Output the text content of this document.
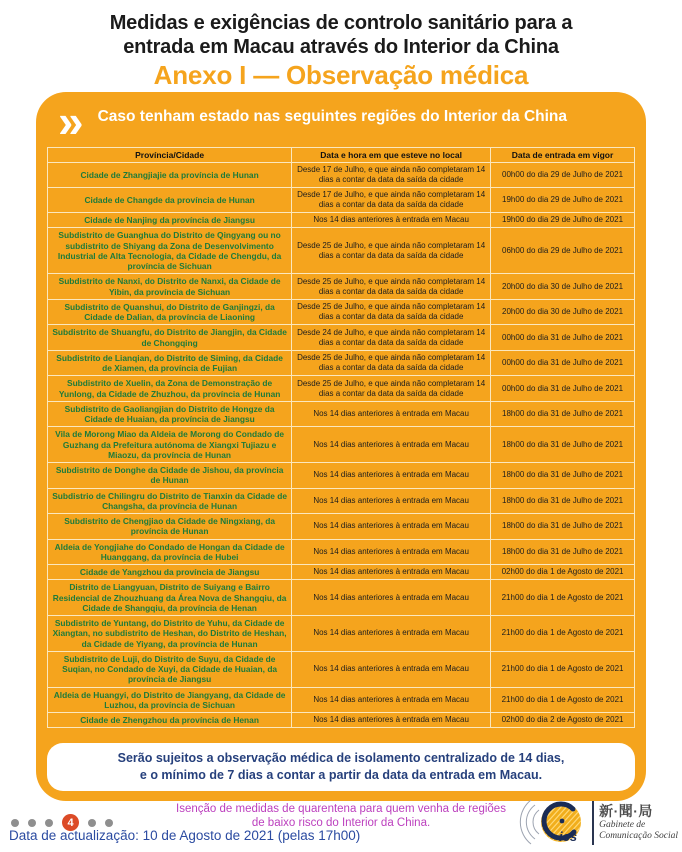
Medidas e exigências de controlo sanitário para a
entrada em Macau através do Interior da China
Anexo I — Observação médica
» Caso tenham estado nas seguintes regiões do Interior da China
Província/Cidade	Data e hora em que esteve no local	Data de entrada em vigor
Cidade de Zhangjiajie da província de Hunan	Desde 17 de Julho, e que ainda não completaram 14 dias a contar da data da saída da cidade	00h00 do dia 29 de Julho de 2021
Cidade de Changde da província de Hunan	Desde 17 de Julho, e que ainda não completaram 14 dias a contar da data da saída da cidade	19h00 do dia 29 de Julho de 2021
Cidade de Nanjing da província de Jiangsu	Nos 14 dias anteriores à entrada em Macau	19h00 do dia 29 de Julho de 2021
Subdistrito de Guanghua do Distrito de Qingyang ou no subdistrito de Shiyang da Zona de Desenvolvimento Industrial de Alta Tecnologia, da Cidade de Chengdu, da província de Sichuan	Desde 25 de Julho, e que ainda não completaram 14 dias a contar da data da saída da cidade	06h00 do dia 29 de Julho de 2021
Subdistrito de Nanxi, do Distrito de Nanxi, da Cidade de Yibin, da província de Sichuan	Desde 25 de Julho, e que ainda não completaram 14 dias a contar da data da saída da cidade	20h00 do dia 30 de Julho de 2021
Subdistrito de Quanshui, do Distrito de Ganjingzi, da Cidade de Dalian, da província de Liaoning	Desde 25 de Julho, e que ainda não completaram 14 dias a contar da data da saída da cidade	20h00 do dia 30 de Julho de 2021
Subdistrito de Shuangfu, do Distrito de Jiangjin, da Cidade de Chongqing	Desde 24 de Julho, e que ainda não completaram 14 dias a contar da data da saída da cidade	00h00 do dia 31 de Julho de 2021
Subdistrito de Lianqian, do Distrito de Siming, da Cidade de Xiamen, da província de Fujian	Desde 25 de Julho, e que ainda não completaram 14 dias a contar da data da saída da cidade	00h00 do dia 31 de Julho de 2021
Subdistrito de Xuelin, da Zona de Demonstração de Yunlong, da Cidade de Zhuzhou, da província de Hunan	Desde 25 de Julho, e que ainda não completaram 14 dias a contar da data da saída da cidade	00h00 do dia 31 de Julho de 2021
Subdistrito de Gaoliangjian do Distrito de Hongze da Cidade de Huaian, da província de Jiangsu	Nos 14 dias anteriores à entrada em Macau	18h00 do dia 31 de Julho de 2021
Vila de Morong Miao da Aldeia de Morong do Condado de Guzhang da Prefeitura autónoma de Xiangxi Tujiazu e Miaozu, da província de Hunan	Nos 14 dias anteriores à entrada em Macau	18h00 do dia 31 de Julho de 2021
Subdistrito de Donghe da Cidade de Jishou, da província de Hunan	Nos 14 dias anteriores à entrada em Macau	18h00 do dia 31 de Julho de 2021
Subdistrio de Chilingru do Distrito de Tianxin da Cidade de Changsha, da província de Hunan	Nos 14 dias anteriores à entrada em Macau	18h00 do dia 31 de Julho de 2021
Subdistrito de Chengjiao da Cidade de Ningxiang, da província de Hunan	Nos 14 dias anteriores à entrada em Macau	18h00 do dia 31 de Julho de 2021
Aldeia de Yongjiahe do Condado de Hongan da Cidade de Huanggang, da província de Hubei	Nos 14 dias anteriores à entrada em Macau	18h00 do dia 31 de Julho de 2021
Cidade de Yangzhou da província de Jiangsu	Nos 14 dias anteriores à entrada em Macau	02h00 do dia 1 de Agosto de 2021
Distrito de Liangyuan, Distrito de Suiyang e Bairro Residencial de Zhouzhuang da Área Nova de Shangqiu, da Cidade de Shangqiu, da província de Henan	Nos 14 dias anteriores à entrada em Macau	21h00 do dia 1 de Agosto de 2021
Subdistrito de Yuntang, do Distrito de Yuhu, da Cidade de Xiangtan, no subdistrito de Heshan, do Distrito de Heshan, da Cidade de Yiyang, da província de Hunan	Nos 14 dias anteriores à entrada em Macau	21h00 do dia 1 de Agosto de 2021
Subdistrito de Luji, do Distrito de Suyu, da Cidade de Suqian, no Condado de Xuyi, da Cidade de Huaian, da província de Jiangsu	Nos 14 dias anteriores à entrada em Macau	21h00 do dia 1 de Agosto de 2021
Aldeia de Huangyi, do Distrito de Jiangyang, da Cidade de Luzhou, da província de Sichuan	Nos 14 dias anteriores à entrada em Macau	21h00 do dia 1 de Agosto de 2021
Cidade de Zhengzhou da província de Henan	Nos 14 dias anteriores à entrada em Macau	02h00 do dia 2 de Agosto de 2021
Serão sujeitos a observação médica de isolamento centralizado de 14 dias,
e o mínimo de 7 dias a contar a partir da data da entrada em Macau.
Isenção de medidas de quarentena para quem venha de regiões
de baixo risco do Interior da China.
4
Data de actualização: 10 de Agosto de 2021 (pelas 17h00)	ics
新·聞·局
Gabinete de
Comunicação Social
